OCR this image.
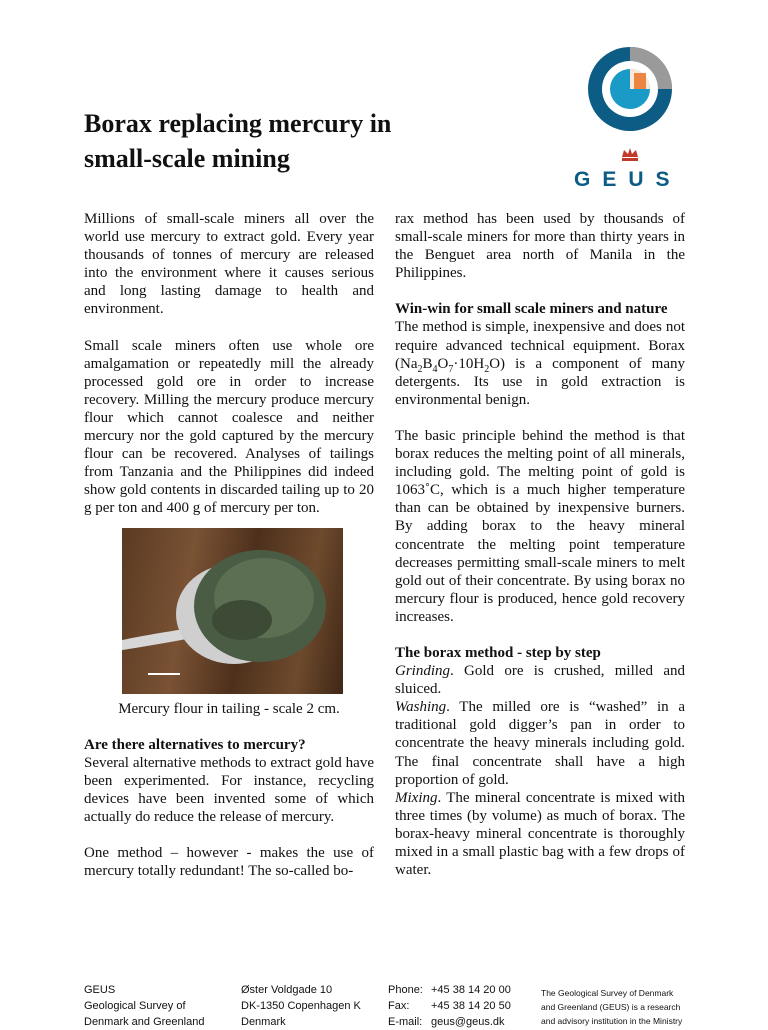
Borax replacing mercury in
small-scale mining
GEUS

Millions of small-scale miners all over the world use mercury to extract gold. Every year thousands of tonnes of mercury are released into the environment where it causes serious and long lasting damage to health and environment.

Small scale miners often use whole ore amalgamation or repeatedly mill the already processed gold ore in order to increase recovery. Milling the mercury produce mercury flour which cannot coalesce and neither mercury nor the gold captured by the mercury flour can be recovered. Analyses of tailings from Tanzania and the Philippines did indeed show gold contents in discarded tailing up to 20 g per ton and 400 g of mercury per ton.

Mercury flour in tailing - scale 2 cm.

Are there alternatives to mercury?

Several alternative methods to extract gold have been experimented. For instance, recycling devices have been invented some of which actually do reduce the release of mercury.

One method – however - makes the use of mercury totally redundant! The so-called bo-

rax method has been used by thousands of small-scale miners for more than thirty years in the Benguet area north of Manila in the Philippines.

Win-win for small scale miners and nature

The method is simple, inexpensive and does not require advanced technical equipment. Borax $(Na_2B_4O_7\cdot 10H_2O)$ is a component of many detergents. Its use in gold extraction is environmental benign.

The basic principle behind the method is that borax reduces the melting point of all minerals, including gold. The melting point of gold is 1063˚C, which is a much higher temperature than can be obtained by inexpensive burners. By adding borax to the heavy mineral concentrate the melting point temperature decreases permitting small-scale miners to melt gold out of their concentrate. By using borax no mercury flour is produced, hence gold recovery increases.

The borax method - step by step

Grinding. Gold ore is crushed, milled and sluiced.

Washing. The milled ore is “washed” in a traditional gold digger’s pan in order to concentrate the heavy minerals including gold. The final concentrate shall have a high proportion of gold.

Mixing. The mineral concentrate is mixed with three times (by volume) as much of borax. The borax-heavy mineral concentrate is thoroughly mixed in a small plastic bag with a few drops of water.

GEUS
Geological Survey of
Denmark and Greenland
Øster Voldgade 10
DK-1350 Copenhagen K
Denmark
Phone:
Fax:
E-mail:
+45 38 14 20 00
+45 38 14 20 50
geus@geus.dk
The Geological Survey of Denmark
and Greenland (GEUS) is a research
and advisory institution in the Ministry
